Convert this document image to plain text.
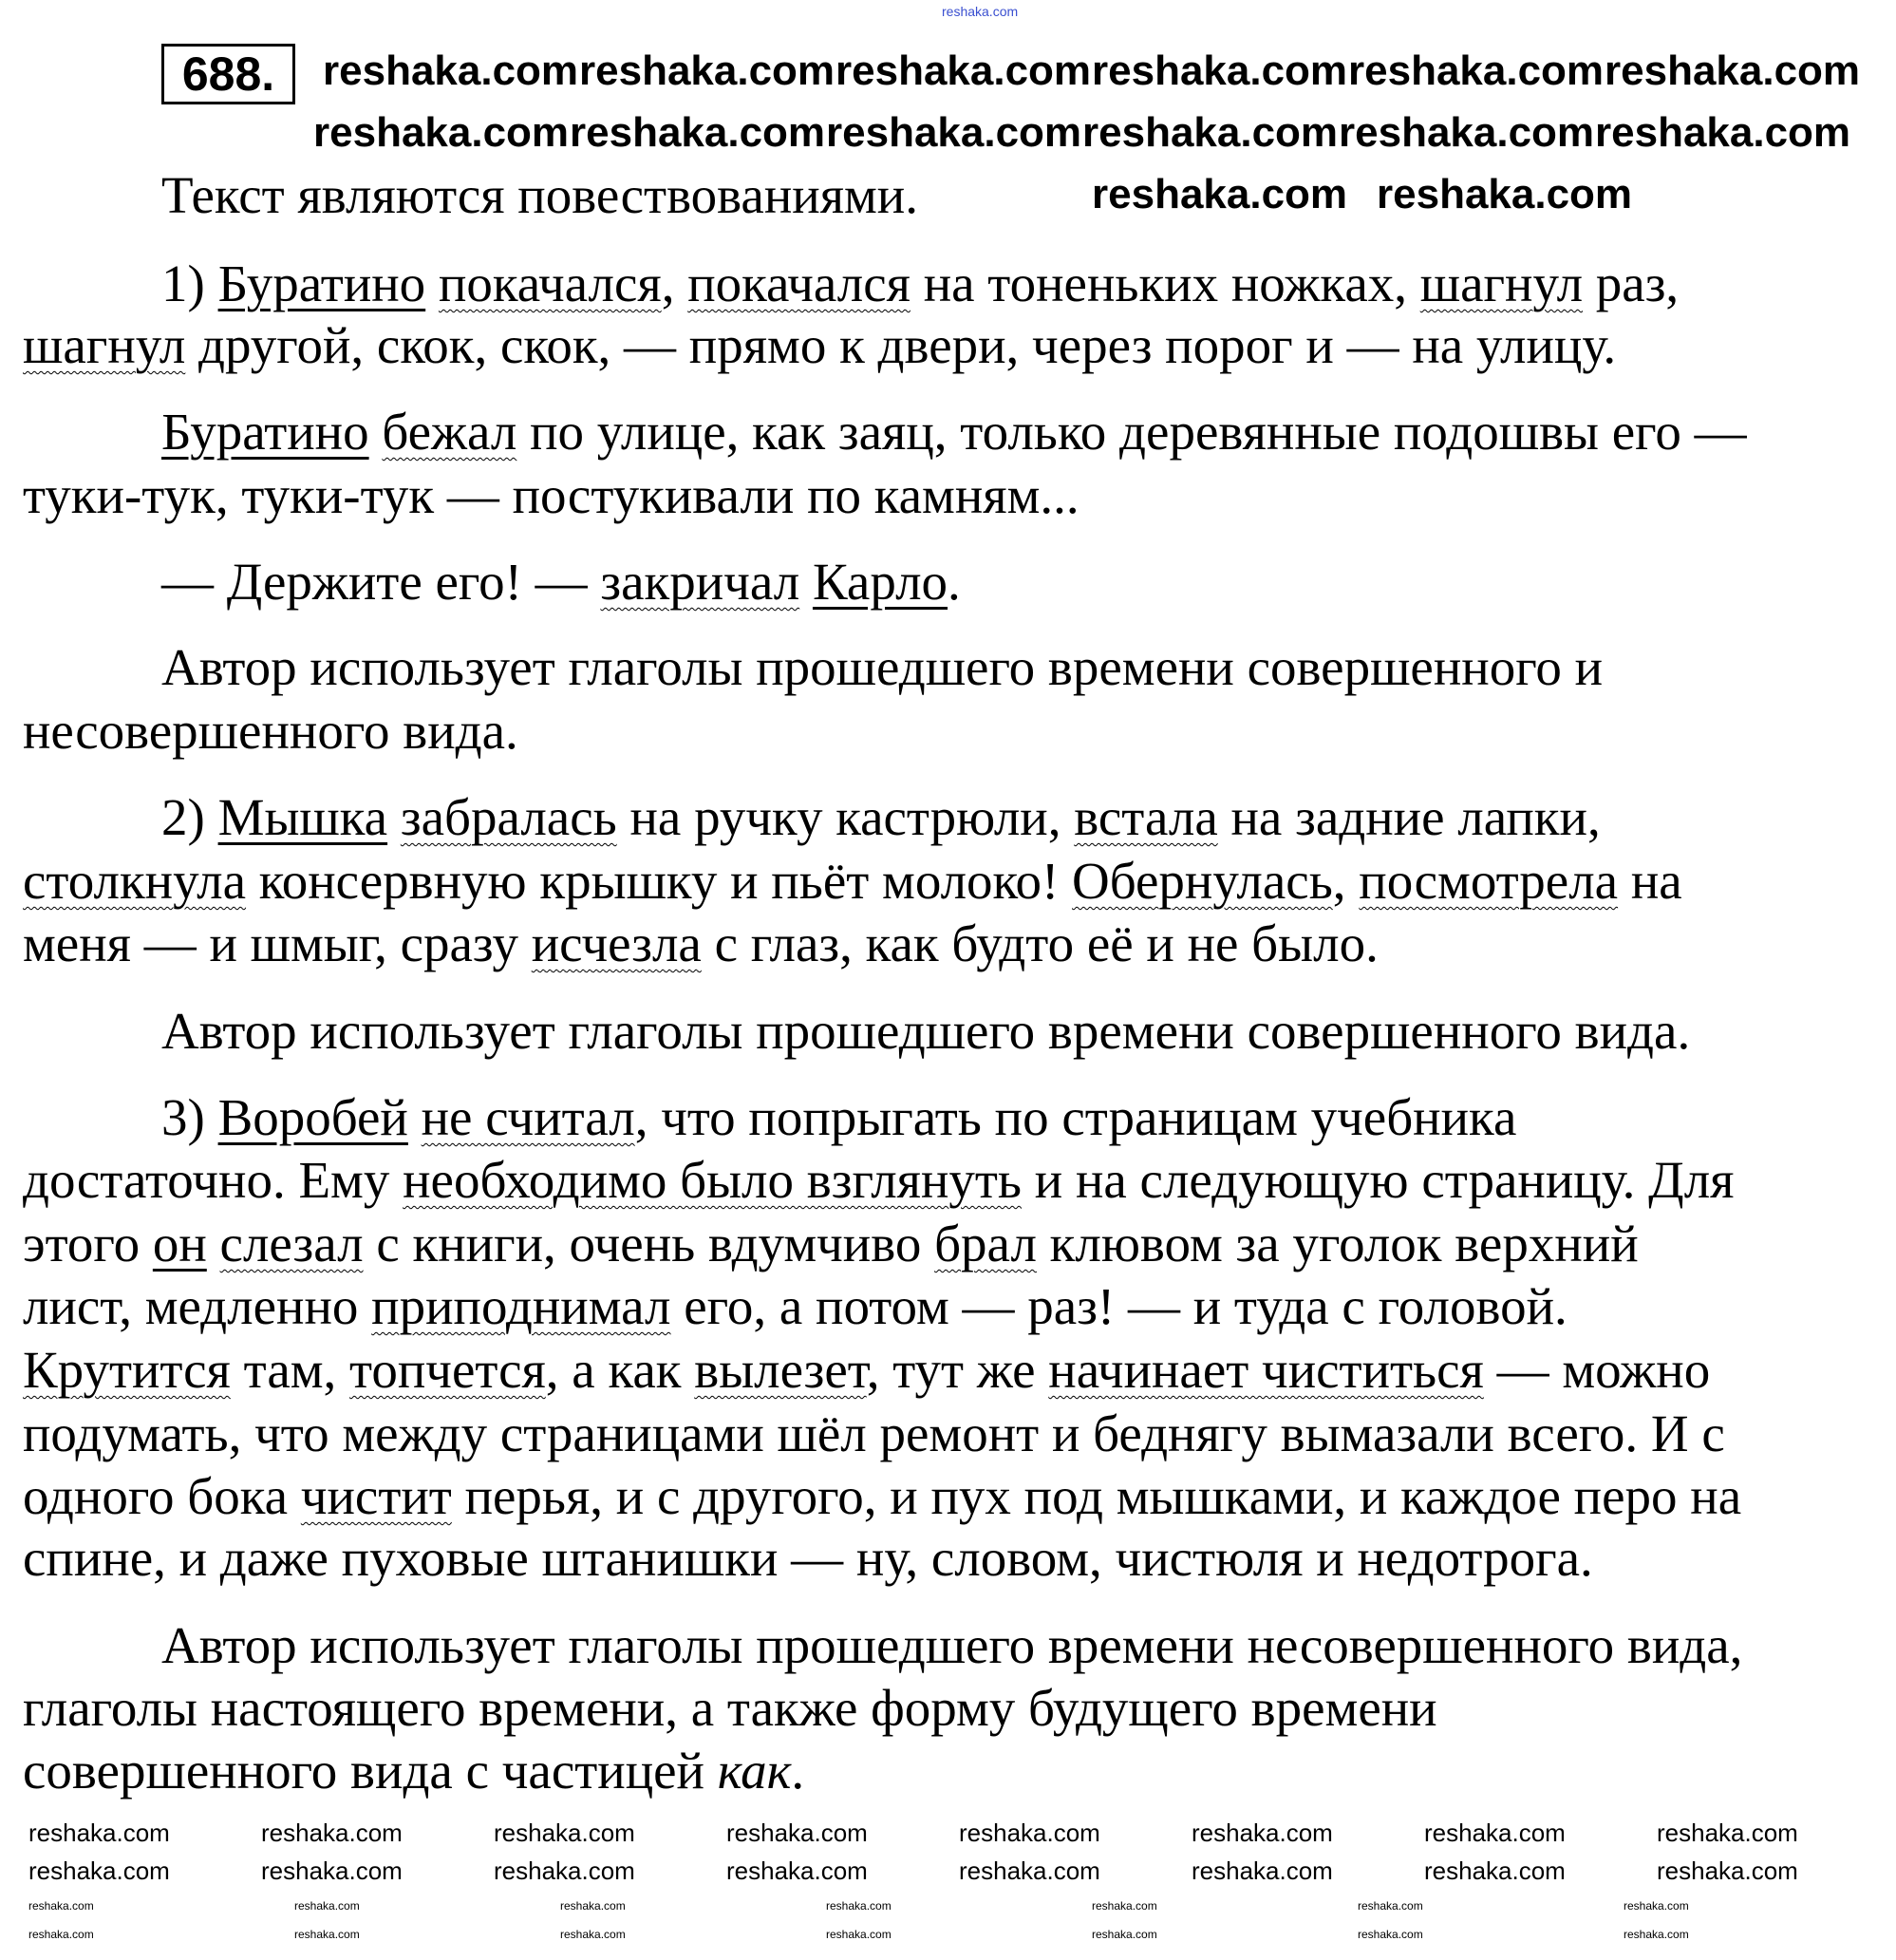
688.
Текст являются повествованиями.
1) Буратино покачался, покачался на тоненьких ножках, шагнул раз,
шагнул другой, скок, скок, — прямо к двери, через порог и — на улицу.
Буратино бежал по улице, как заяц, только деревянные подошвы его —
туки-тук, туки-тук — постукивали по камням...
— Держите его! — закричал Карло.
Автор использует глаголы прошедшего времени совершенного и
несовершенного вида.
2) Мышка забралась на ручку кастрюли, встала на задние лапки,
столкнула консервную крышку и пьёт молоко! Обернулась, посмотрела на
меня — и шмыг, сразу исчезла с глаз, как будто её и не было.
Автор использует глаголы прошедшего времени совершенного вида.
3) Воробей не считал, что попрыгать по страницам учебника
достаточно. Ему необходимо было взглянуть и на следующую страницу. Для
этого он слезал с книги, очень вдумчиво брал клювом за уголок верхний
лист, медленно приподнимал его, а потом — раз! — и туда с головой.
Крутится там, топчется, а как вылезет, тут же начинает чиститься — можно
подумать, что между страницами шёл ремонт и беднягу вымазали всего. И с
одного бока чистит перья, и с другого, и пух под мышками, и каждое перо на
спине, и даже пуховые штанишки — ну, словом, чистюля и недотрога.
Автор использует глаголы прошедшего времени несовершенного вида,
глаголы настоящего времени, а также форму будущего времени
совершенного вида с частицей как.
reshaka.com
reshaka.com reshaka.com reshaka.com reshaka.com reshaka.com reshaka.com
reshaka.com reshaka.com reshaka.com reshaka.com reshaka.com reshaka.com
reshaka.com reshaka.com
reshaka.com	reshaka.com	reshaka.com	reshaka.com	reshaka.com	reshaka.com	reshaka.com	reshaka.com
reshaka.com	reshaka.com	reshaka.com	reshaka.com	reshaka.com	reshaka.com	reshaka.com	reshaka.com
reshaka.com	reshaka.com	reshaka.com	reshaka.com	reshaka.com	reshaka.com	reshaka.com
reshaka.com	reshaka.com	reshaka.com	reshaka.com	reshaka.com	reshaka.com	reshaka.com
